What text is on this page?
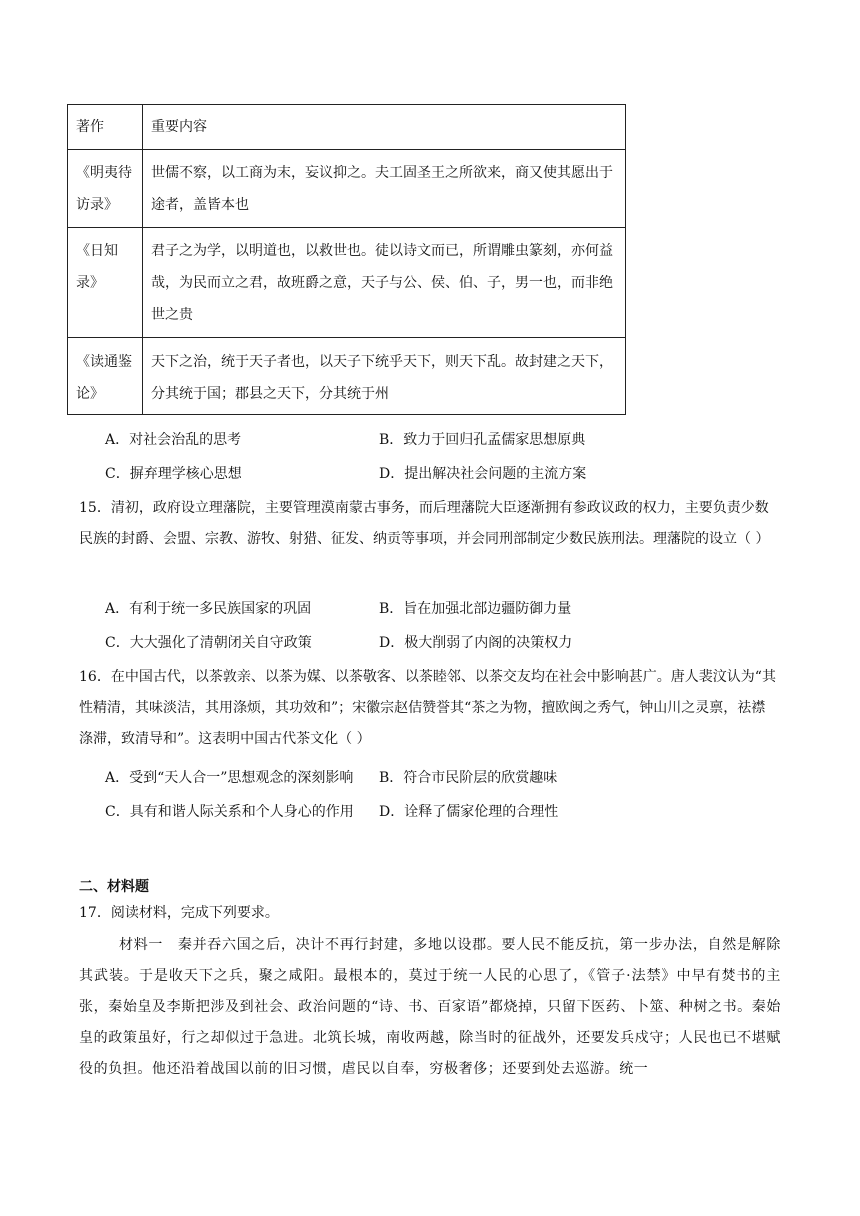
著作	重要内容
《明夷待访录》	世儒不察，以工商为末，妄议抑之。夫工固圣王之所欲来，商又使其愿出于途者，盖皆本也
《日知录》	君子之为学，以明道也，以救世也。徒以诗文而已，所谓雕虫篆刻，亦何益哉，为民而立之君，故班爵之意，天子与公、侯、伯、子，男一也，而非绝世之贵
《读通鉴论》	天下之治，统于天子者也，以天子下统乎天下，则天下乱。故封建之天下，分其统于国；郡县之天下，分其统于州
A．对社会治乱的思考	B．致力于回归孔孟儒家思想原典
C．摒弃理学核心思想	D．提出解决社会问题的主流方案
15．清初，政府设立理藩院，主要管理漠南蒙古事务，而后理藩院大臣逐渐拥有参政议政的权力，主要负责少数民族的封爵、会盟、宗教、游牧、射猎、征发、纳贡等事项，并会同刑部制定少数民族刑法。理藩院的设立（ ）
A．有利于统一多民族国家的巩固	B．旨在加强北部边疆防御力量
C．大大强化了清朝闭关自守政策	D．极大削弱了内阁的决策权力
16．在中国古代，以茶敦亲、以茶为媒、以茶敬客、以茶睦邻、以茶交友均在社会中影响甚广。唐人裴汶认为“其性精清，其味淡洁，其用涤烦，其功效和”；宋徽宗赵佶赞誉其“茶之为物，擅欧闽之秀气，钟山川之灵禀，祛襟涤滞，致清导和”。这表明中国古代茶文化（ ）
A．受到“天人合一”思想观念的深刻影响 B．符合市民阶层的欣赏趣味
C．具有和谐人际关系和个人身心的作用 D．诠释了儒家伦理的合理性
二、材料题
17．阅读材料，完成下列要求。
材料一　秦并吞六国之后，决计不再行封建，多地以设郡。要人民不能反抗，第一步办法，自然是解除其武装。于是收天下之兵，聚之咸阳。最根本的，莫过于统一人民的心思了，《管子·法禁》中早有焚书的主张，秦始皇及李斯把涉及到社会、政治问题的“诗、书、百家语”都烧掉，只留下医药、卜筮、种树之书。秦始皇的政策虽好，行之却似过于急进。北筑长城，南收两越，除当时的征战外，还要发兵戍守；人民也已不堪赋役的负担。他还沿着战国以前的旧习惯，虐民以自奉，穷极奢侈；还要到处去巡游。统一
